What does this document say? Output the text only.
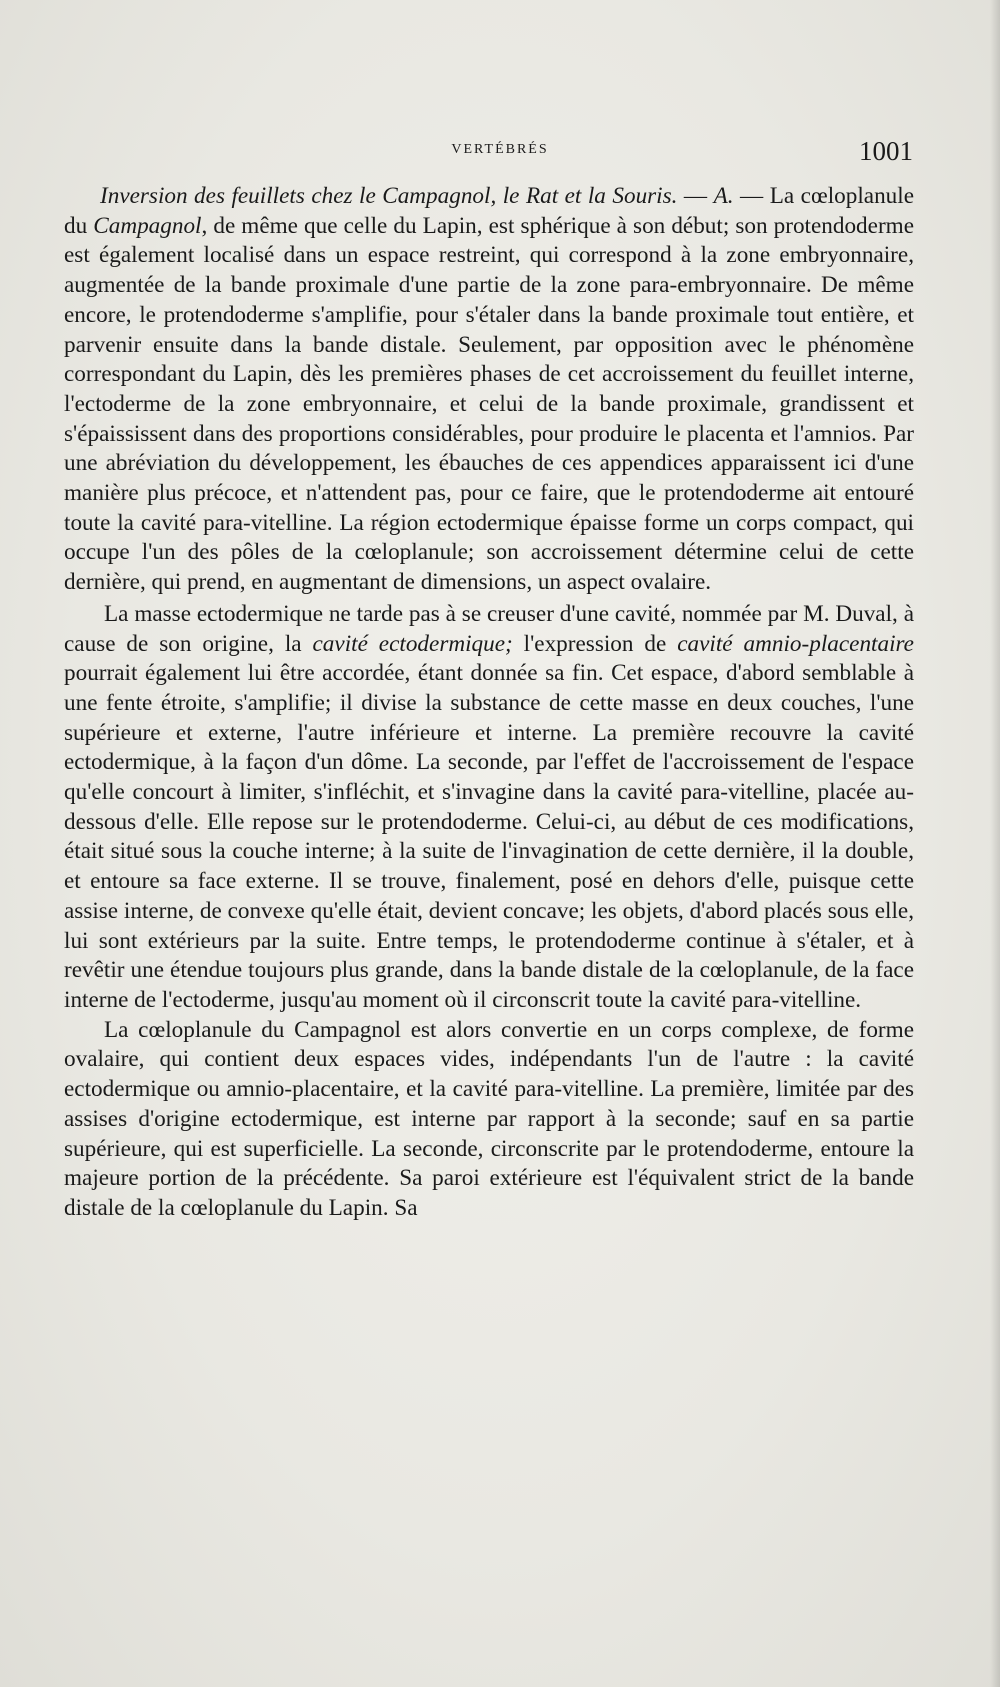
VERTÉBRÉS	1001

Inversion des feuillets chez le Campagnol, le Rat et la Souris. — A. — La cœloplanule du Campagnol, de même que celle du Lapin, est sphérique à son début; son protendoderme est également localisé dans un espace restreint, qui correspond à la zone embryonnaire, augmentée de la bande proximale d'une partie de la zone para-embryonnaire. De même encore, le protendoderme s'amplifie, pour s'étaler dans la bande proximale tout entière, et parvenir ensuite dans la bande distale. Seulement, par opposition avec le phénomène correspondant du Lapin, dès les premières phases de cet accroissement du feuillet interne, l'ectoderme de la zone embryonnaire, et celui de la bande proximale, grandissent et s'épaississent dans des proportions considérables, pour produire le placenta et l'amnios. Par une abréviation du développement, les ébauches de ces appendices apparaissent ici d'une manière plus précoce, et n'attendent pas, pour ce faire, que le protendoderme ait entouré toute la cavité para-vitelline. La région ectodermique épaisse forme un corps compact, qui occupe l'un des pôles de la cœloplanule; son accroissement détermine celui de cette dernière, qui prend, en augmentant de dimensions, un aspect ovalaire.

La masse ectodermique ne tarde pas à se creuser d'une cavité, nommée par M. Duval, à cause de son origine, la cavité ectodermique; l'expression de cavité amnio-placentaire pourrait également lui être accordée, étant donnée sa fin. Cet espace, d'abord semblable à une fente étroite, s'amplifie; il divise la substance de cette masse en deux couches, l'une supérieure et externe, l'autre inférieure et interne. La première recouvre la cavité ectodermique, à la façon d'un dôme. La seconde, par l'effet de l'accroissement de l'espace qu'elle concourt à limiter, s'infléchit, et s'invagine dans la cavité para-vitelline, placée au-dessous d'elle. Elle repose sur le protendoderme. Celui-ci, au début de ces modifications, était situé sous la couche interne; à la suite de l'invagination de cette dernière, il la double, et entoure sa face externe. Il se trouve, finalement, posé en dehors d'elle, puisque cette assise interne, de convexe qu'elle était, devient concave; les objets, d'abord placés sous elle, lui sont extérieurs par la suite. Entre temps, le protendoderme continue à s'étaler, et à revêtir une étendue toujours plus grande, dans la bande distale de la cœloplanule, de la face interne de l'ectoderme, jusqu'au moment où il circonscrit toute la cavité para-vitelline.

La cœloplanule du Campagnol est alors convertie en un corps complexe, de forme ovalaire, qui contient deux espaces vides, indépendants l'un de l'autre : la cavité ectodermique ou amnio-placentaire, et la cavité para-vitelline. La première, limitée par des assises d'origine ectodermique, est interne par rapport à la seconde; sauf en sa partie supérieure, qui est superficielle. La seconde, circonscrite par le protendoderme, entoure la majeure portion de la précédente. Sa paroi extérieure est l'équivalent strict de la bande distale de la cœloplanule du Lapin. Sa
